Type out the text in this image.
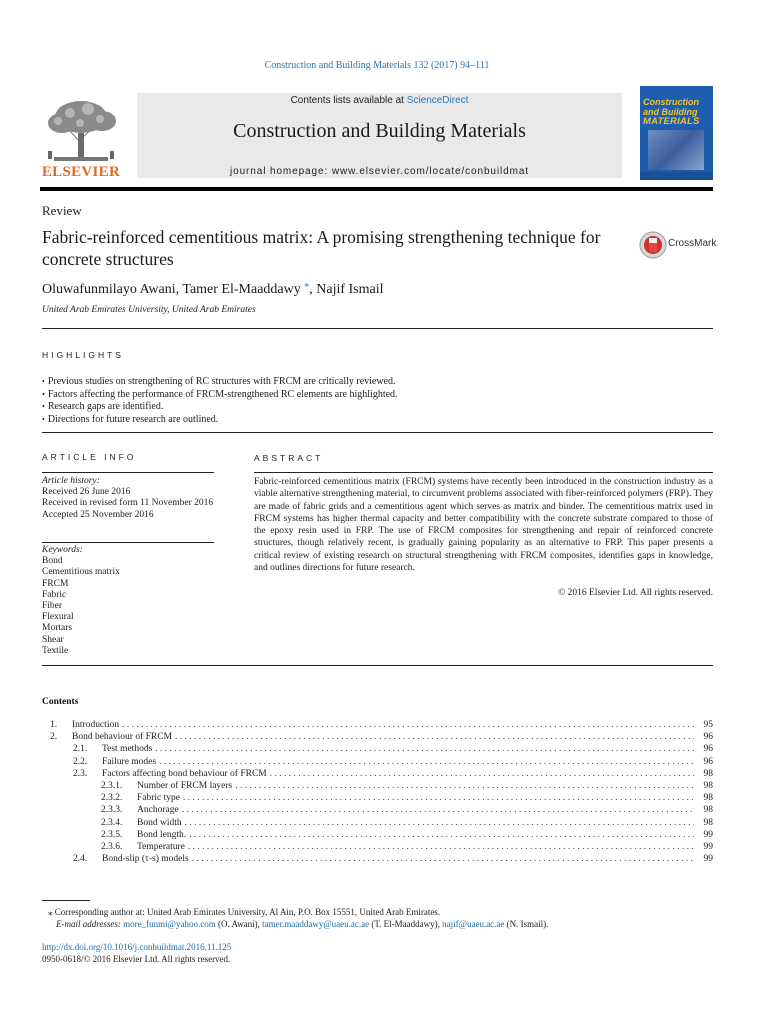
Construction and Building Materials 132 (2017) 94–111
ELSEVIER
Contents lists available at ScienceDirect
Construction and Building Materials
journal homepage: www.elsevier.com/locate/conbuildmat
Construction
and Building
MATERIALS
Review
Fabric-reinforced cementitious matrix: A promising strengthening technique for concrete structures
CrossMark
Oluwafunmilayo Awani, Tamer El-Maaddawy *, Najif Ismail
United Arab Emirates University, United Arab Emirates
HIGHLIGHTS
• Previous studies on strengthening of RC structures with FRCM are critically reviewed.
• Factors affecting the performance of FRCM-strengthened RC elements are highlighted.
• Research gaps are identified.
• Directions for future research are outlined.
ARTICLE INFO
Article history:
Received 26 June 2016
Received in revised form 11 November 2016
Accepted 25 November 2016
Keywords:
Bond
Cementitious matrix
FRCM
Fabric
Fiber
Flexural
Mortars
Shear
Textile
ABSTRACT
Fabric-reinforced cementitious matrix (FRCM) systems have recently been introduced in the construction industry as a viable alternative strengthening material, to circumvent problems associated with fiber-reinforced polymers (FRP). They are made of fabric grids and a cementitious agent which serves as matrix and binder. The cementitious matrix used in FRCM systems has higher thermal capacity and better compatibility with the concrete substrate compared to those of the epoxy resin used in FRP. The use of FRCM composites for strengthening and repair of reinforced concrete structures, though relatively recent, is gradually gaining popularity as an alternative to FRP. This paper presents a critical review of existing research on structural strengthening with FRCM composites, identifies gaps in knowledge, and outlines directions for future research.
© 2016 Elsevier Ltd. All rights reserved.
Contents
1.	Introduction . . .	95
2.	Bond behaviour of FRCM . . .	96
2.1.	Test methods . . .	96
2.2.	Failure modes . . .	96
2.3.	Factors affecting bond behaviour of FRCM . . .	98
2.3.1.	Number of FRCM layers . . .	98
2.3.2.	Fabric type . . .	98
2.3.3.	Anchorage . . .	98
2.3.4.	Bond width . . .	98
2.3.5.	Bond length. . . .	99
2.3.6.	Temperature . . .	99
2.4.	Bond-slip (τ-s) models . . .	99
⁎ Corresponding author at: United Arab Emirates University, Al Ain, P.O. Box 15551, United Arab Emirates.
E-mail addresses: more_funmi@yahoo.com (O. Awani), tamer.maaddawy@uaeu.ac.ae (T. El-Maaddawy), najif@uaeu.ac.ae (N. Ismail).
http://dx.doi.org/10.1016/j.conbuildmat.2016.11.125
0950-0618/© 2016 Elsevier Ltd. All rights reserved.
